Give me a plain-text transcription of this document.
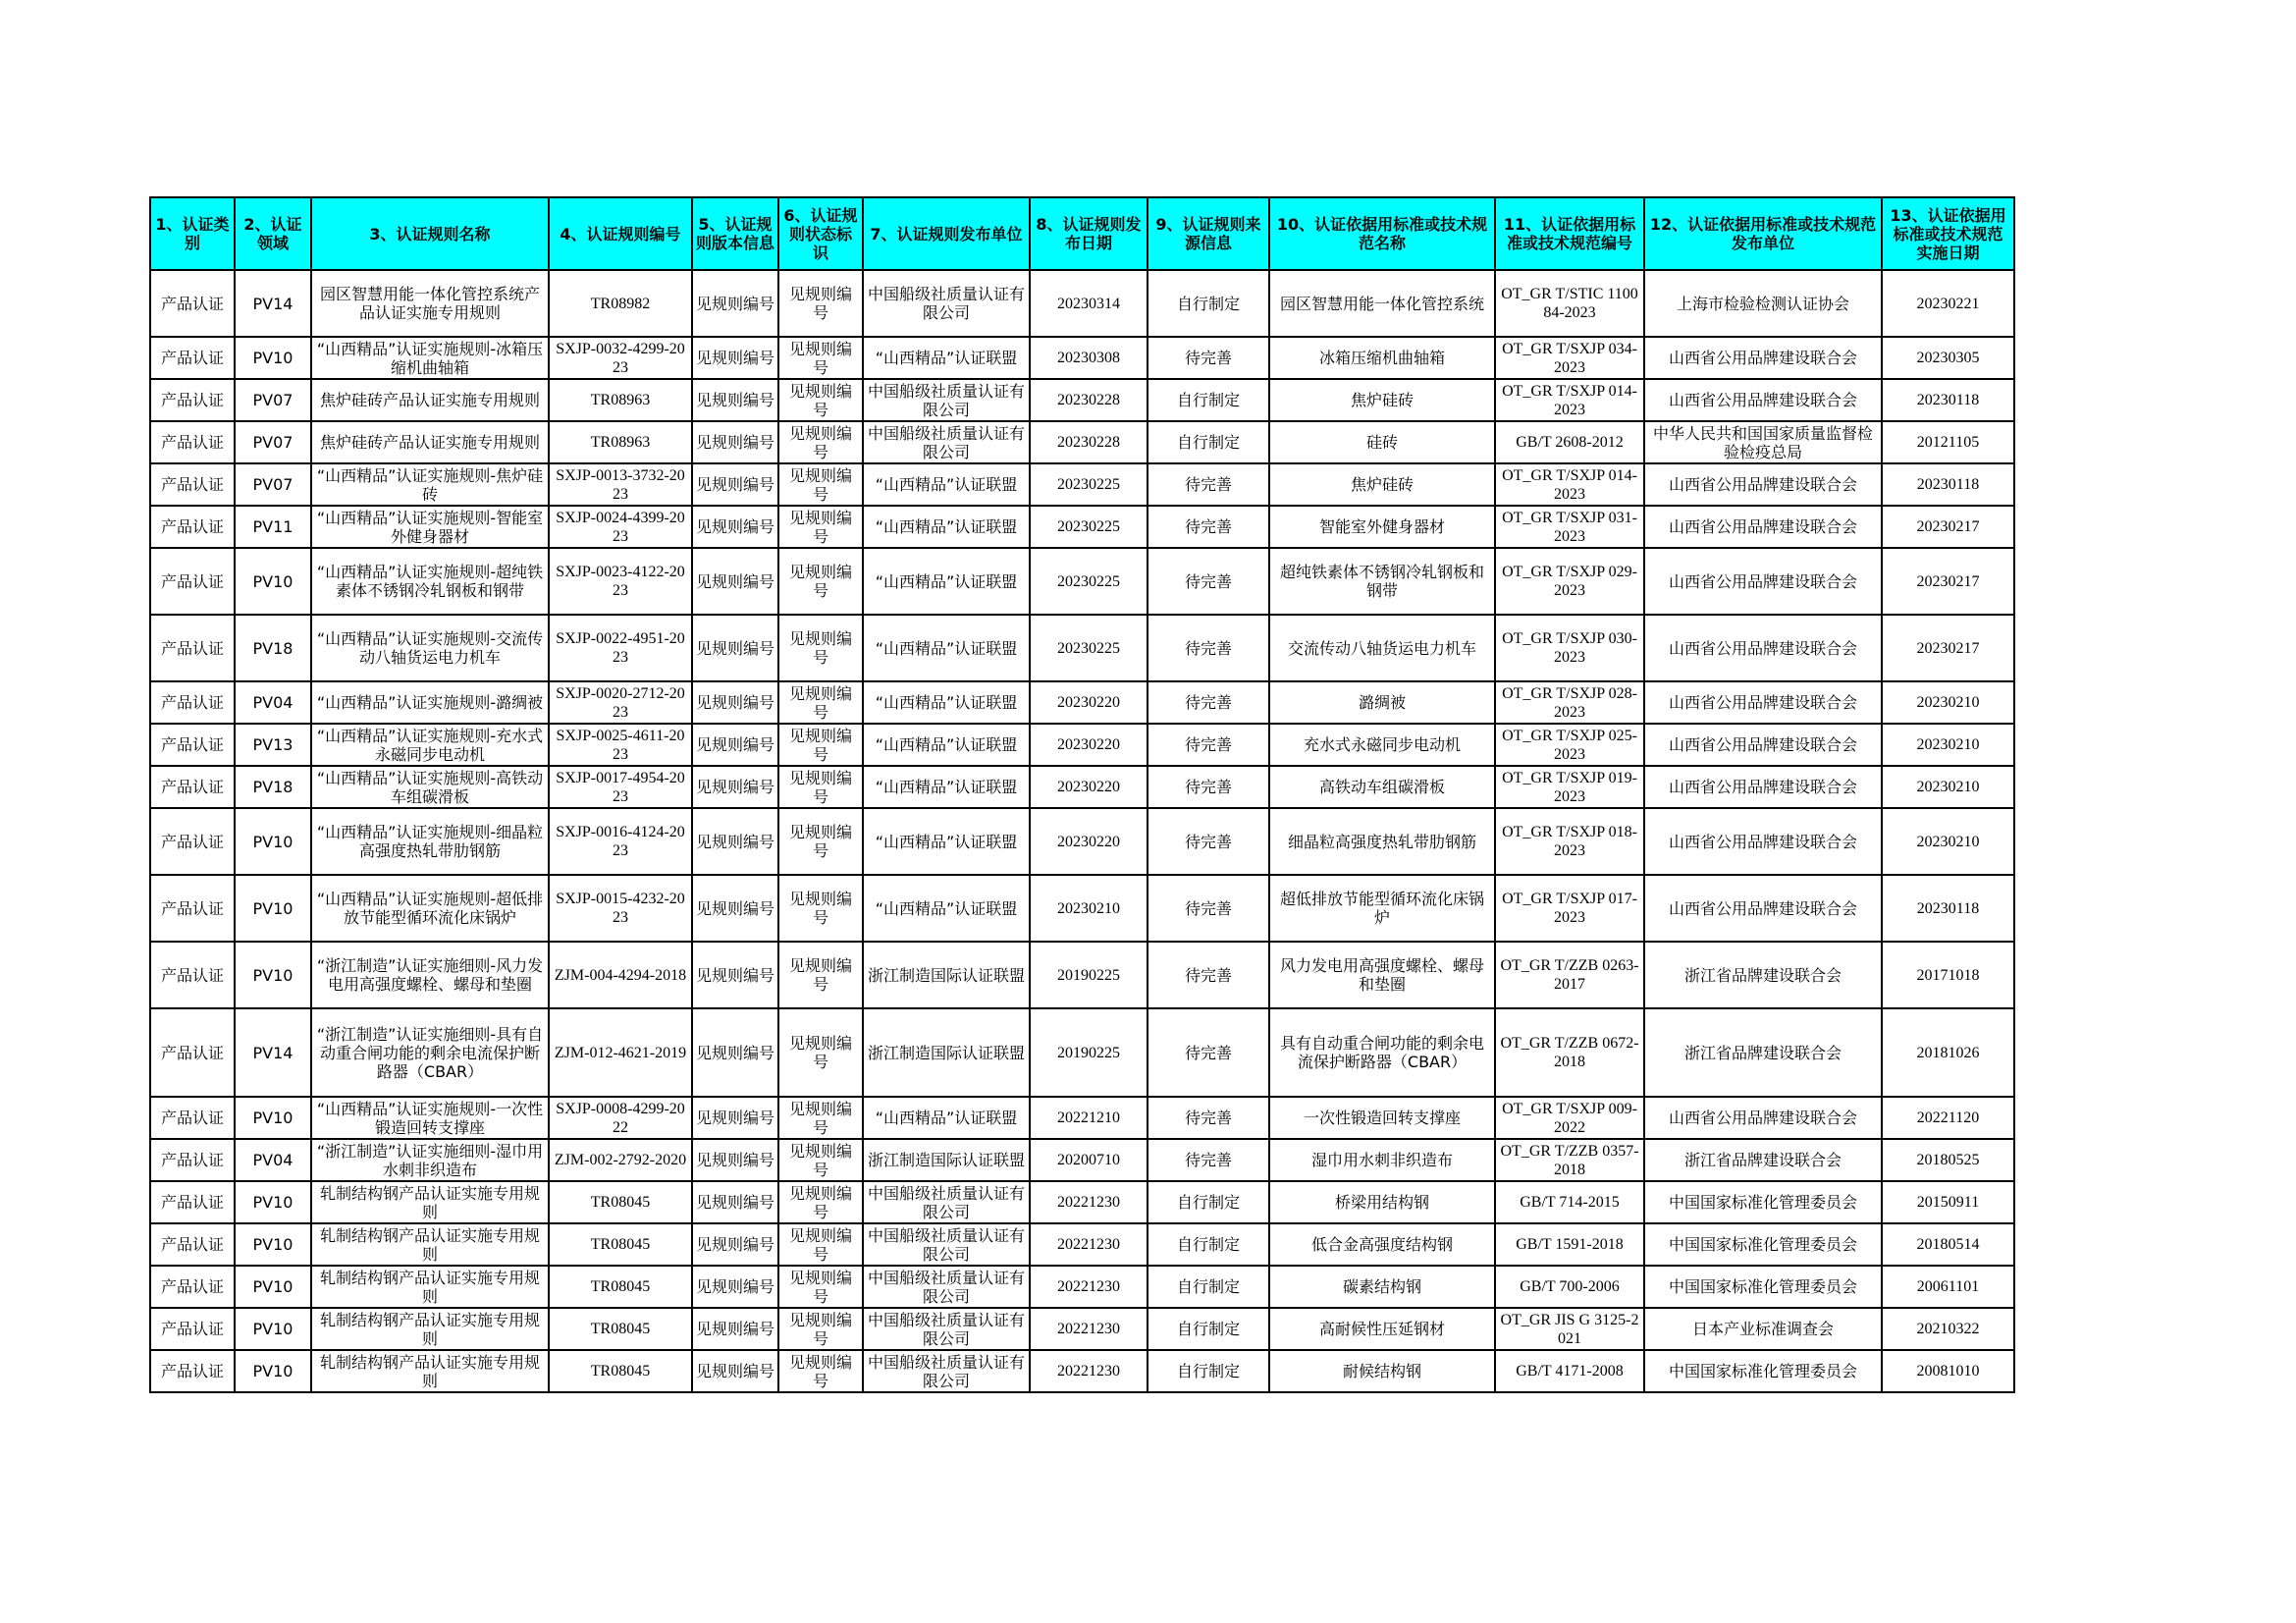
1、认证类别	2、认证领域	3、认证规则名称	4、认证规则编号	5、认证规则版本信息	6、认证规则状态标识	7、认证规则发布单位	8、认证规则发布日期	9、认证规则来源信息	10、认证依据用标准或技术规范名称	11、认证依据用标准或技术规范编号	12、认证依据用标准或技术规范发布单位	13、认证依据用标准或技术规范实施日期

产品认证	PV14	园区智慧用能一体化管控系统产品认证实施专用规则	TR08982	见规则编号	见规则编号	中国船级社质量认证有限公司	20230314	自行制定	园区智慧用能一体化管控系统	OT_GR T/STIC 110084-2023	上海市检验检测认证协会	20230221

产品认证	PV10	“山西精品”认证实施规则-冰箱压缩机曲轴箱	SXJP-0032-4299-2023	见规则编号	见规则编号	“山西精品”认证联盟	20230308	待完善	冰箱压缩机曲轴箱	OT_GR T/SXJP 034-2023	山西省公用品牌建设联合会	20230305

产品认证	PV07	焦炉硅砖产品认证实施专用规则	TR08963	见规则编号	见规则编号	中国船级社质量认证有限公司	20230228	自行制定	焦炉硅砖	OT_GR T/SXJP 014-2023	山西省公用品牌建设联合会	20230118

产品认证	PV07	焦炉硅砖产品认证实施专用规则	TR08963	见规则编号	见规则编号	中国船级社质量认证有限公司	20230228	自行制定	硅砖	GB/T 2608-2012	中华人民共和国国家质量监督检验检疫总局	20121105

产品认证	PV07	“山西精品”认证实施规则-焦炉硅砖	SXJP-0013-3732-2023	见规则编号	见规则编号	“山西精品”认证联盟	20230225	待完善	焦炉硅砖	OT_GR T/SXJP 014-2023	山西省公用品牌建设联合会	20230118

产品认证	PV11	“山西精品”认证实施规则-智能室外健身器材	SXJP-0024-4399-2023	见规则编号	见规则编号	“山西精品”认证联盟	20230225	待完善	智能室外健身器材	OT_GR T/SXJP 031-2023	山西省公用品牌建设联合会	20230217

产品认证	PV10	“山西精品”认证实施规则-超纯铁素体不锈钢冷轧钢板和钢带	SXJP-0023-4122-2023	见规则编号	见规则编号	“山西精品”认证联盟	20230225	待完善	超纯铁素体不锈钢冷轧钢板和钢带	OT_GR T/SXJP 029-2023	山西省公用品牌建设联合会	20230217

产品认证	PV18	“山西精品”认证实施规则-交流传动八轴货运电力机车	SXJP-0022-4951-2023	见规则编号	见规则编号	“山西精品”认证联盟	20230225	待完善	交流传动八轴货运电力机车	OT_GR T/SXJP 030-2023	山西省公用品牌建设联合会	20230217

产品认证	PV04	“山西精品”认证实施规则-潞绸被	SXJP-0020-2712-2023	见规则编号	见规则编号	“山西精品”认证联盟	20230220	待完善	潞绸被	OT_GR T/SXJP 028-2023	山西省公用品牌建设联合会	20230210

产品认证	PV13	“山西精品”认证实施规则-充水式永磁同步电动机	SXJP-0025-4611-2023	见规则编号	见规则编号	“山西精品”认证联盟	20230220	待完善	充水式永磁同步电动机	OT_GR T/SXJP 025-2023	山西省公用品牌建设联合会	20230210

产品认证	PV18	“山西精品”认证实施规则-高铁动车组碳滑板	SXJP-0017-4954-2023	见规则编号	见规则编号	“山西精品”认证联盟	20230220	待完善	高铁动车组碳滑板	OT_GR T/SXJP 019-2023	山西省公用品牌建设联合会	20230210

产品认证	PV10	“山西精品”认证实施规则-细晶粒高强度热轧带肋钢筋	SXJP-0016-4124-2023	见规则编号	见规则编号	“山西精品”认证联盟	20230220	待完善	细晶粒高强度热轧带肋钢筋	OT_GR T/SXJP 018-2023	山西省公用品牌建设联合会	20230210

产品认证	PV10	“山西精品”认证实施规则-超低排放节能型循环流化床锅炉	SXJP-0015-4232-2023	见规则编号	见规则编号	“山西精品”认证联盟	20230210	待完善	超低排放节能型循环流化床锅炉	OT_GR T/SXJP 017-2023	山西省公用品牌建设联合会	20230118

产品认证	PV10	“浙江制造”认证实施细则-风力发电用高强度螺栓、螺母和垫圈	ZJM-004-4294-2018	见规则编号	见规则编号	浙江制造国际认证联盟	20190225	待完善	风力发电用高强度螺栓、螺母和垫圈	OT_GR T/ZZB 0263-2017	浙江省品牌建设联合会	20171018

产品认证	PV14	“浙江制造”认证实施细则-具有自动重合闸功能的剩余电流保护断路器（CBAR）	ZJM-012-4621-2019	见规则编号	见规则编号	浙江制造国际认证联盟	20190225	待完善	具有自动重合闸功能的剩余电流保护断路器（CBAR）	OT_GR T/ZZB 0672-2018	浙江省品牌建设联合会	20181026

产品认证	PV10	“山西精品”认证实施规则-一次性锻造回转支撑座	SXJP-0008-4299-2022	见规则编号	见规则编号	“山西精品”认证联盟	20221210	待完善	一次性锻造回转支撑座	OT_GR T/SXJP 009-2022	山西省公用品牌建设联合会	20221120

产品认证	PV04	“浙江制造”认证实施细则-湿巾用水刺非织造布	ZJM-002-2792-2020	见规则编号	见规则编号	浙江制造国际认证联盟	20200710	待完善	湿巾用水刺非织造布	OT_GR T/ZZB 0357-2018	浙江省品牌建设联合会	20180525

产品认证	PV10	轧制结构钢产品认证实施专用规则	TR08045	见规则编号	见规则编号	中国船级社质量认证有限公司	20221230	自行制定	桥梁用结构钢	GB/T 714-2015	中国国家标准化管理委员会	20150911

产品认证	PV10	轧制结构钢产品认证实施专用规则	TR08045	见规则编号	见规则编号	中国船级社质量认证有限公司	20221230	自行制定	低合金高强度结构钢	GB/T 1591-2018	中国国家标准化管理委员会	20180514

产品认证	PV10	轧制结构钢产品认证实施专用规则	TR08045	见规则编号	见规则编号	中国船级社质量认证有限公司	20221230	自行制定	碳素结构钢	GB/T 700-2006	中国国家标准化管理委员会	20061101

产品认证	PV10	轧制结构钢产品认证实施专用规则	TR08045	见规则编号	见规则编号	中国船级社质量认证有限公司	20221230	自行制定	高耐候性压延钢材	OT_GR JIS G 3125-2021	日本产业标准调查会	20210322

产品认证	PV10	轧制结构钢产品认证实施专用规则	TR08045	见规则编号	见规则编号	中国船级社质量认证有限公司	20221230	自行制定	耐候结构钢	GB/T 4171-2008	中国国家标准化管理委员会	20081010
